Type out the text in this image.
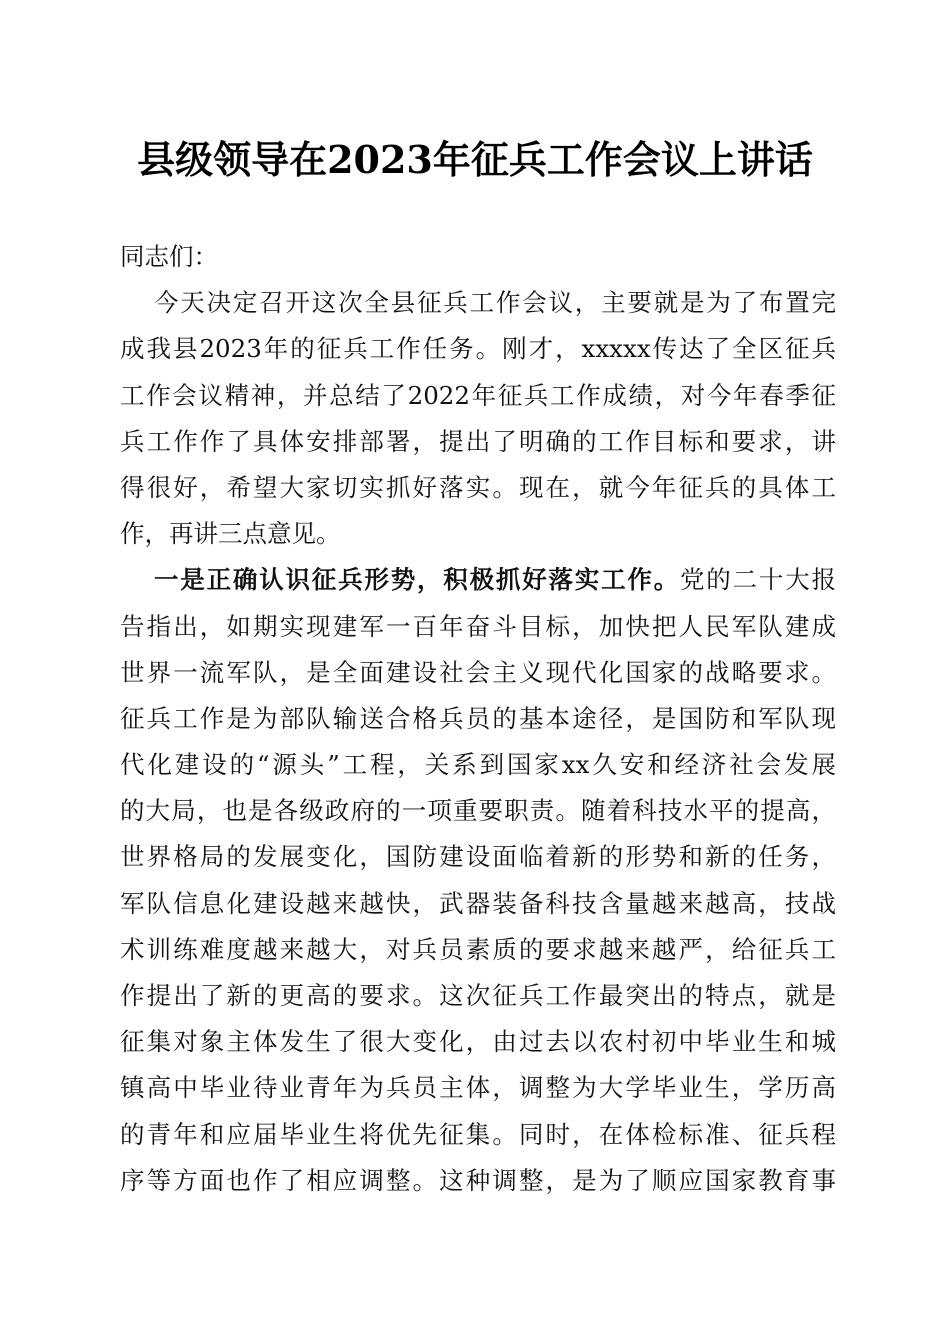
县级领导在2023年征兵工作会议上讲话
同志们：
今天决定召开这次全县征兵工作会议，主要就是为了布置完
成我县2023年的征兵工作任务。刚才，xxxxx传达了全区征兵
工作会议精神，并总结了2022年征兵工作成绩，对今年春季征
兵工作作了具体安排部署，提出了明确的工作目标和要求，讲
得很好，希望大家切实抓好落实。现在，就今年征兵的具体工
作，再讲三点意见。
一是正确认识征兵形势，积极抓好落实工作。党的二十大报
告指出，如期实现建军一百年奋斗目标，加快把人民军队建成
世界一流军队，是全面建设社会主义现代化国家的战略要求。
征兵工作是为部队输送合格兵员的基本途径，是国防和军队现
代化建设的“源头”工程，关系到国家xx久安和经济社会发展
的大局，也是各级政府的一项重要职责。随着科技水平的提高，
世界格局的发展变化，国防建设面临着新的形势和新的任务，
军队信息化建设越来越快，武器装备科技含量越来越高，技战
术训练难度越来越大，对兵员素质的要求越来越严，给征兵工
作提出了新的更高的要求。这次征兵工作最突出的特点，就是
征集对象主体发生了很大变化，由过去以农村初中毕业生和城
镇高中毕业待业青年为兵员主体，调整为大学毕业生，学历高
的青年和应届毕业生将优先征集。同时，在体检标准、征兵程
序等方面也作了相应调整。这种调整，是为了顺应国家教育事
